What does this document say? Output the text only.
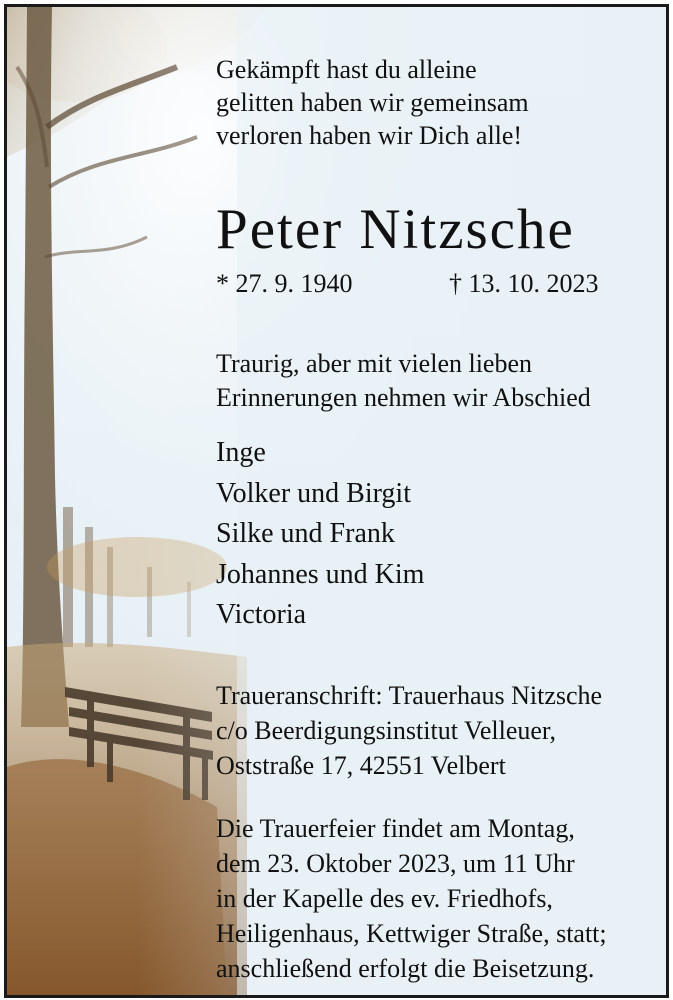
Gekämpft hast du alleine
gelitten haben wir gemeinsam
verloren haben wir Dich alle!
Peter Nitzsche
* 27. 9. 1940	† 13. 10. 2023
Traurig, aber mit vielen lieben
Erinnerungen nehmen wir Abschied
Inge
Volker und Birgit
Silke und Frank
Johannes und Kim
Victoria
Traueranschrift: Trauerhaus Nitzsche
c/o Beerdigungsinstitut Velleuer,
Oststraße 17, 42551 Velbert
Die Trauerfeier findet am Montag,
dem 23. Oktober 2023, um 11 Uhr
in der Kapelle des ev. Friedhofs,
Heiligenhaus, Kettwiger Straße, statt;
anschließend erfolgt die Beisetzung.
